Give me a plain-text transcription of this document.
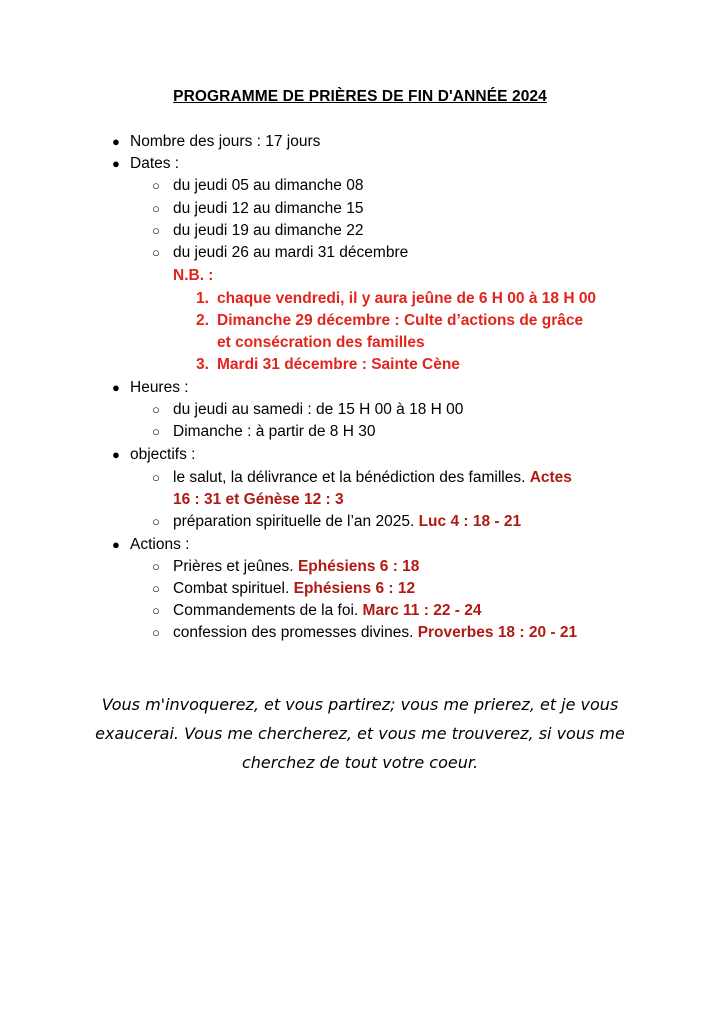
PROGRAMME DE PRIÈRES DE FIN D'ANNÉE 2024
● Nombre des jours : 17 jours
● Dates :
○ du jeudi 05 au dimanche 08
○ du jeudi 12 au dimanche 15
○ du jeudi 19 au dimanche 22
○ du jeudi 26 au mardi 31 décembre
N.B. :
1. chaque vendredi, il y aura jeûne de 6 H 00 à 18 H 00
2. Dimanche 29 décembre : Culte d’actions de grâce
et consécration des familles
3. Mardi 31 décembre : Sainte Cène
● Heures :
○ du jeudi au samedi : de 15 H 00 à 18 H 00
○ Dimanche : à partir de 8 H 30
● objectifs :
○ le salut, la délivrance et la bénédiction des familles. Actes
16 : 31 et Génèse 12 : 3
○ préparation spirituelle de l’an 2025. Luc 4 : 18 - 21
● Actions :
○ Prières et jeûnes. Ephésiens 6 : 18
○ Combat spirituel. Ephésiens 6 : 12
○ Commandements de la foi. Marc 11 : 22 - 24
○ confession des promesses divines. Proverbes 18 : 20 - 21
Vous m'invoquerez, et vous partirez; vous me prierez, et je vous
exaucerai. Vous me chercherez, et vous me trouverez, si vous me
cherchez de tout votre coeur.
